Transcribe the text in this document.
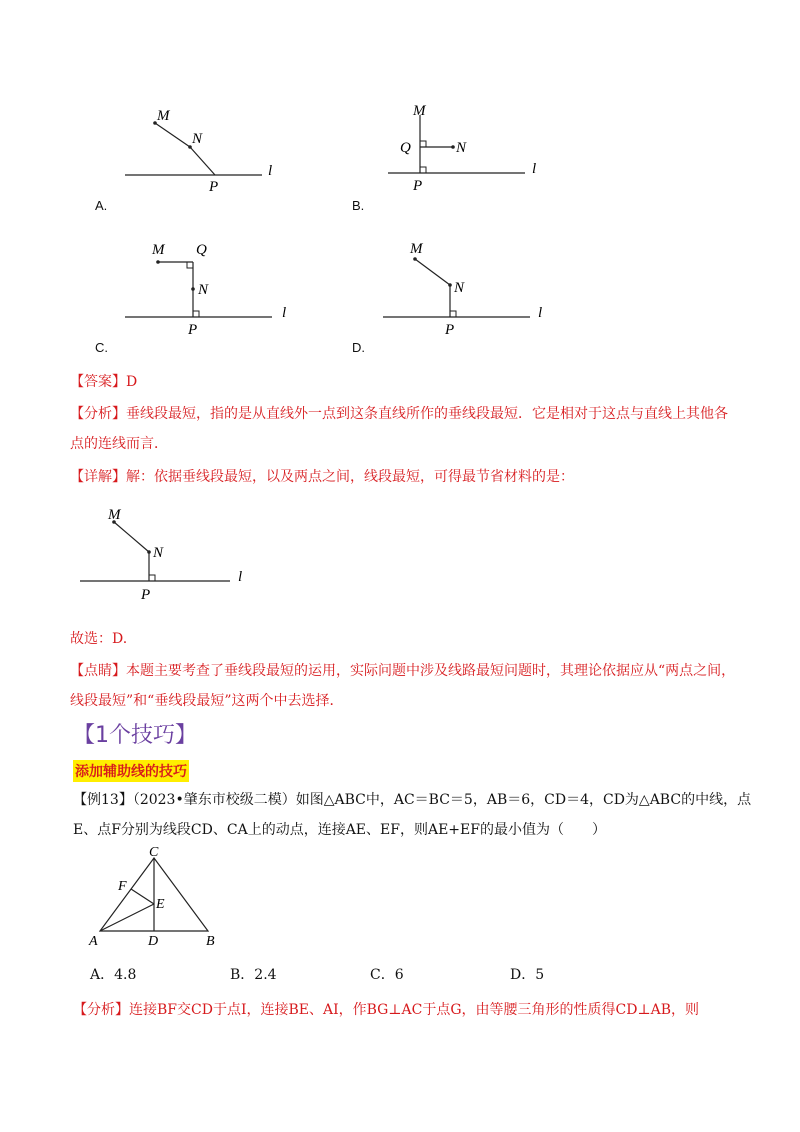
M
N
P
l
A.
M
Q	N
P
l
B.
M Q
N
P
l
C.
M
N
P
l
D.
【答案】D
【分析】垂线段最短，指的是从直线外一点到这条直线所作的垂线段最短．它是相对于这点与直线上其他各点的连线而言．
【详解】解：依据垂线段最短，以及两点之间，线段最短，可得最节省材料的是：
M
N
P
l
故选：D.
【点睛】本题主要考查了垂线段最短的运用，实际问题中涉及线路最短问题时，其理论依据应从“两点之间，线段最短”和“垂线段最短”这两个中去选择．
【1个技巧】
添加辅助线的技巧
【例13】（2023•肇东市校级二模）如图△ABC中，AC＝BC＝5，AB＝6，CD＝4，CD为△ABC的中线，点E、点F分别为线段CD、CA上的动点，连接AE、EF，则AE+EF的最小值为（　　）
C
F
E
A	D	B
A．4.8	B．2.4	C．6	D．5
【分析】连接BF交CD于点I，连接BE、AI，作BG⊥AC于点G，由等腰三角形的性质得CD⊥AB，则
